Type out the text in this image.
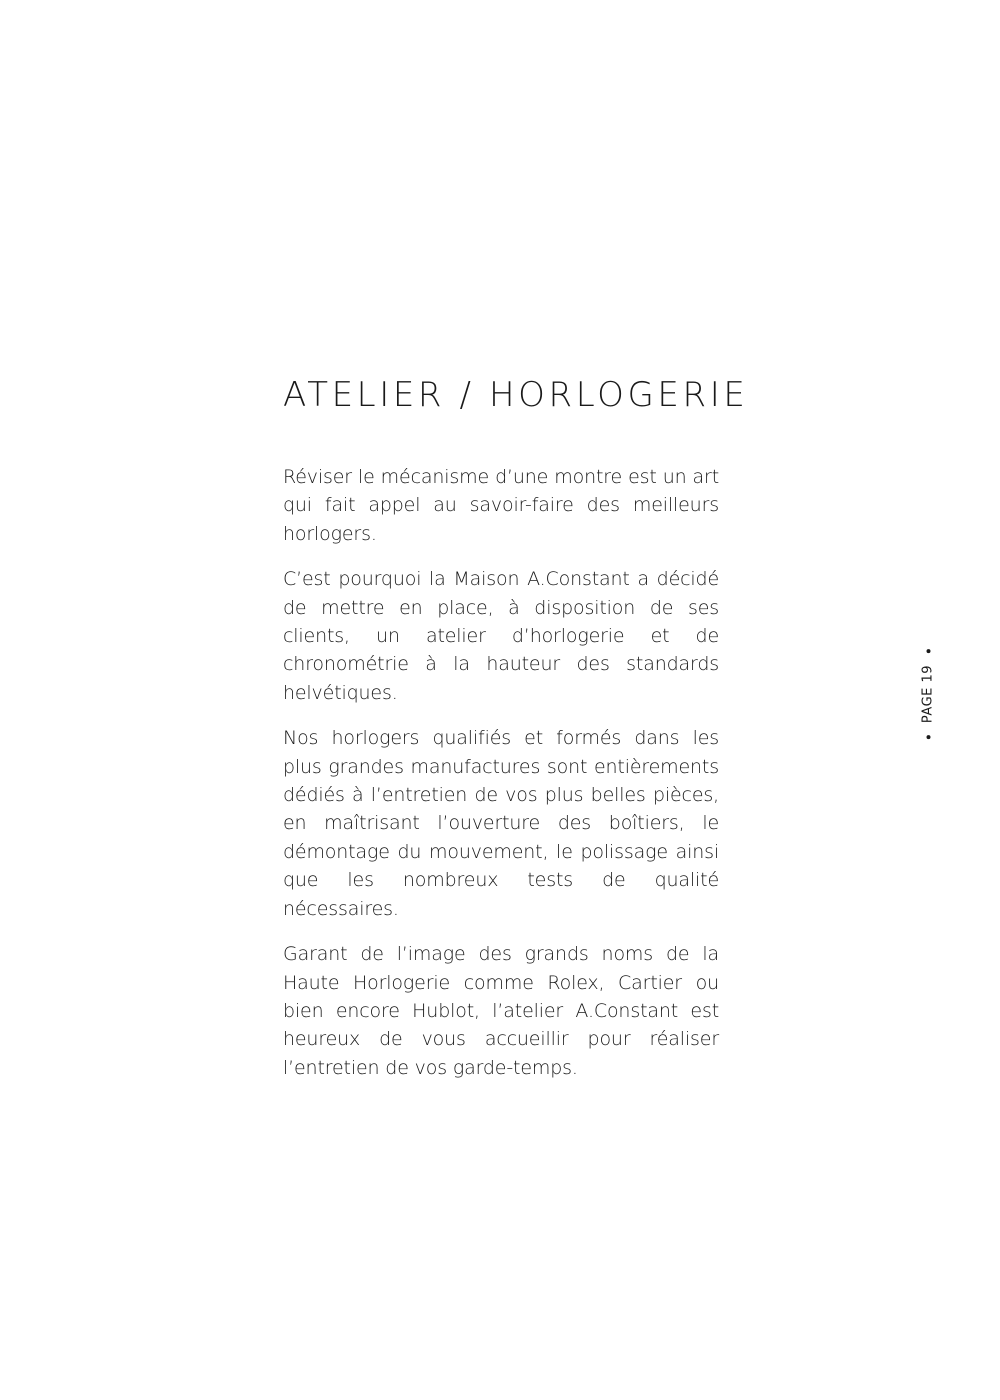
ATELIER / HORLOGERIE

Réviser le mécanisme d’une montre est un art qui fait appel au savoir-faire des meilleurs horlogers.

C’est pourquoi la Maison A.Constant a décidé de mettre en place, à disposition de ses clients, un atelier d’horlogerie et de chronométrie à la hauteur des standards helvétiques.

Nos horlogers qualifiés et formés dans les plus grandes manufactures sont entièrements dédiés à l’entretien de vos plus belles pièces, en maîtrisant l’ouverture des boîtiers, le démontage du mouvement, le polissage ainsi que les nombreux tests de qualité nécessaires.

Garant de l’image des grands noms de la Haute Horlogerie comme Rolex, Cartier ou bien encore Hublot, l’atelier A.Constant est heureux de vous accueillir pour réaliser l’entretien de vos garde-temps.

PAGE 19
